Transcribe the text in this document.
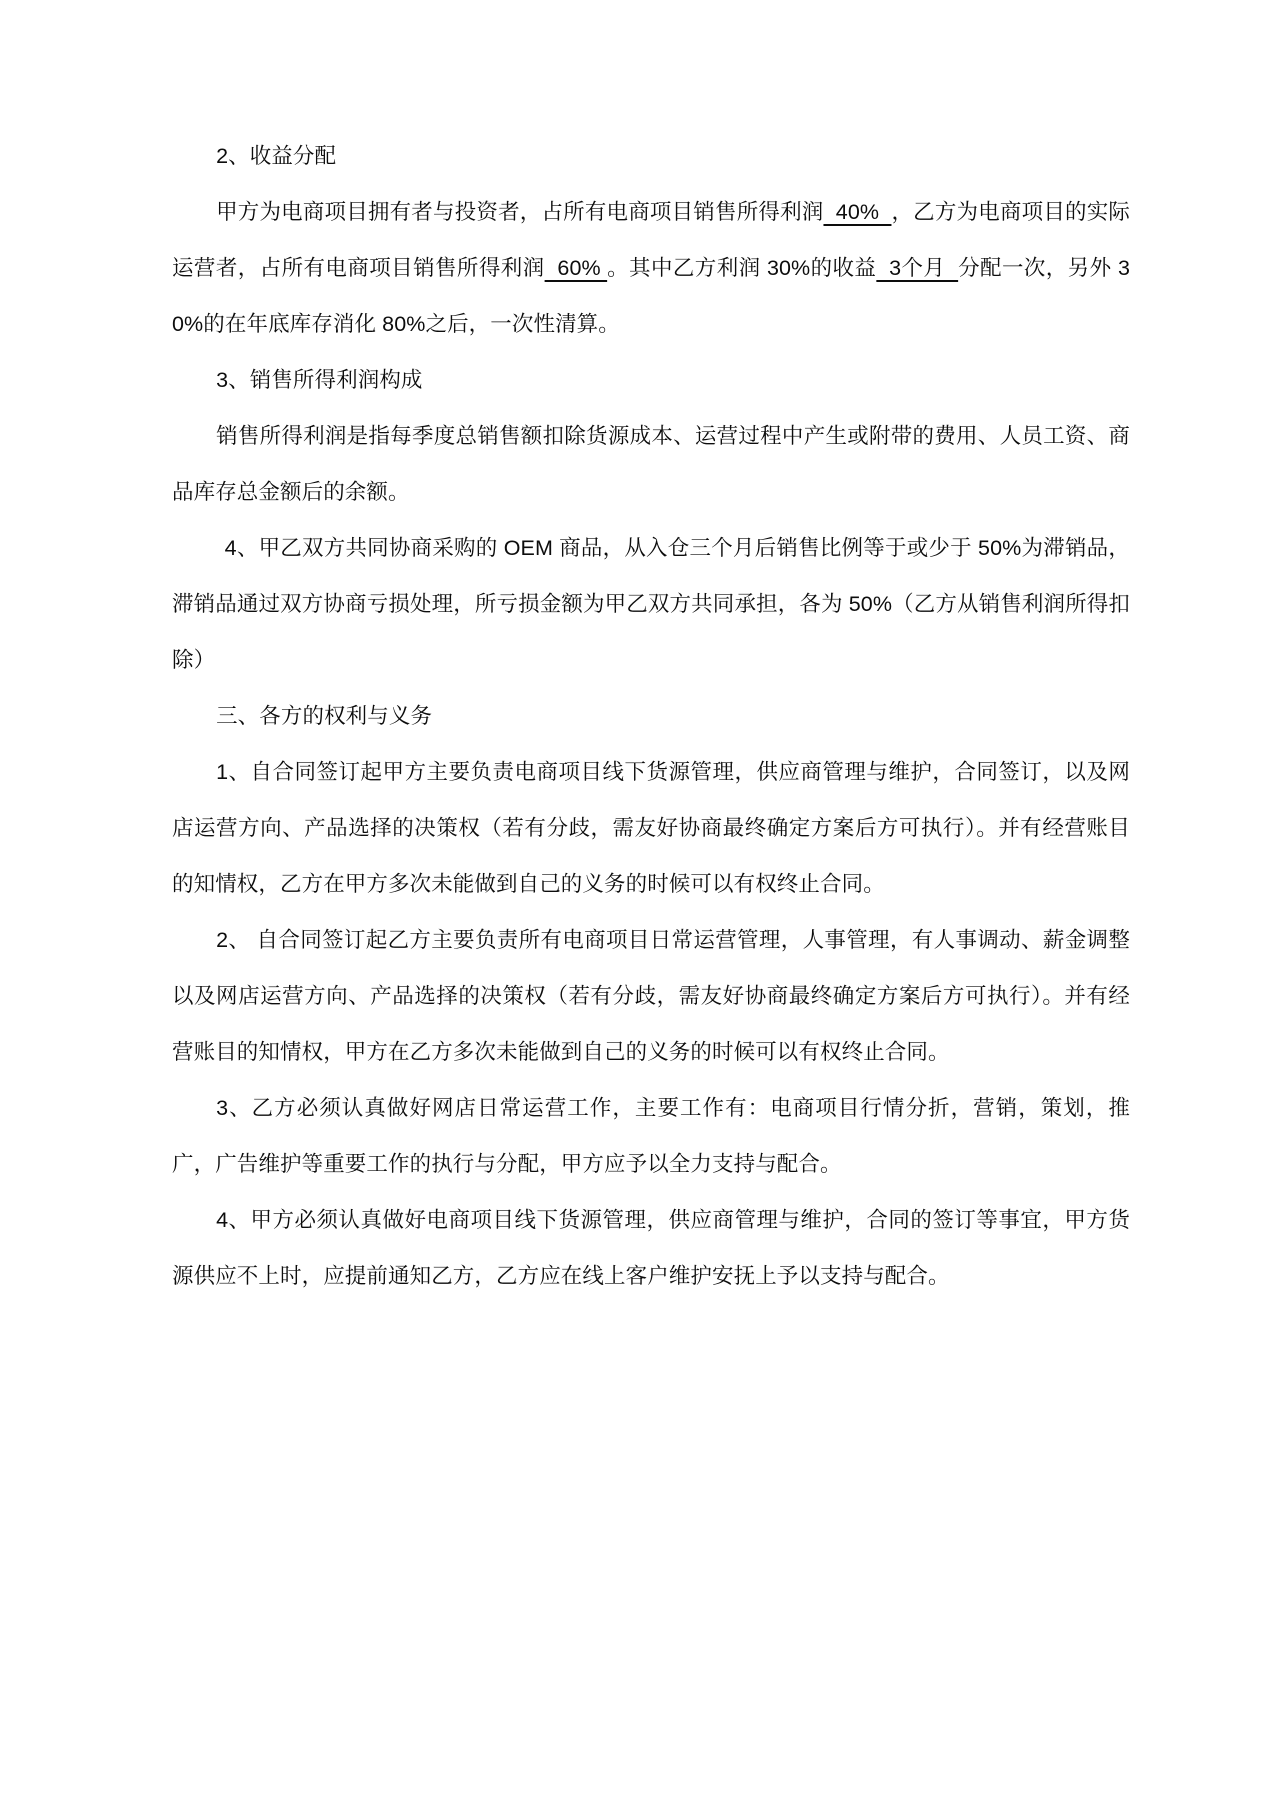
2、收益分配

甲方为电商项目拥有者与投资者，占所有电商项目销售所得利润  40%  ，乙方为电商项目的实际运营者，占所有电商项目销售所得利润  60% 。其中乙方利润 30%的收益  3个月  分配一次，另外 30%的在年底库存消化 80%之后，一次性清算。

3、销售所得利润构成

销售所得利润是指每季度总销售额扣除货源成本、运营过程中产生或附带的费用、人员工资、商品库存总金额后的余额。

4、甲乙双方共同协商采购的 OEM 商品，从入仓三个月后销售比例等于或少于 50%为滞销品，滞销品通过双方协商亏损处理，所亏损金额为甲乙双方共同承担，各为 50%（乙方从销售利润所得扣除）

三、各方的权利与义务

1、自合同签订起甲方主要负责电商项目线下货源管理，供应商管理与维护，合同签订，以及网店运营方向、产品选择的决策权（若有分歧，需友好协商最终确定方案后方可执行）。并有经营账目的知情权，乙方在甲方多次未能做到自己的义务的时候可以有权终止合同。

2、 自合同签订起乙方主要负责所有电商项目日常运营管理，人事管理，有人事调动、薪金调整以及网店运营方向、产品选择的决策权（若有分歧，需友好协商最终确定方案后方可执行）。并有经营账目的知情权，甲方在乙方多次未能做到自己的义务的时候可以有权终止合同。

3、乙方必须认真做好网店日常运营工作，主要工作有：电商项目行情分折，营销，策划，推广，广告维护等重要工作的执行与分配，甲方应予以全力支持与配合。

4、甲方必须认真做好电商项目线下货源管理，供应商管理与维护，合同的签订等事宜，甲方货源供应不上时，应提前通知乙方，乙方应在线上客户维护安抚上予以支持与配合。
